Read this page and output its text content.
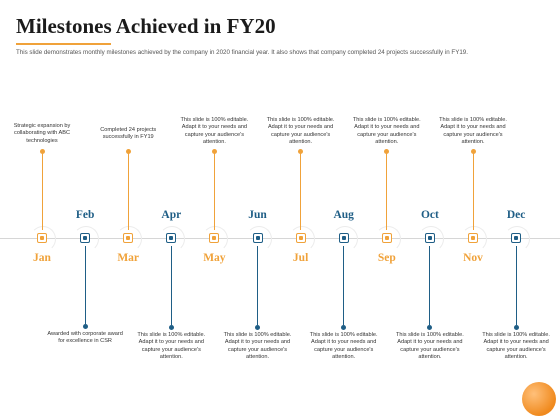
Milestones Achieved in FY20
This slide demonstrates monthly milestones achieved by the company in 2020 financial year. It also shows that company completed 24 projects successfully in FY19.
Jan
Strategic expansion by collaborating with ABC technologies
Feb
Awarded with corporate award for excellence in CSR
Mar
Completed 24 projects successfully in FY19
Apr
This slide is 100% editable. Adapt it to your needs and capture your audience's attention.
May
This slide is 100% editable. Adapt it to your needs and capture your audience's attention.
Jun
This slide is 100% editable. Adapt it to your needs and capture your audience's attention.
Jul
This slide is 100% editable. Adapt it to your needs and capture your audience's attention.
Aug
This slide is 100% editable. Adapt it to your needs and capture your audience's attention.
Sep
This slide is 100% editable. Adapt it to your needs and capture your audience's attention.
Oct
This slide is 100% editable. Adapt it to your needs and capture your audience's attention.
Nov
This slide is 100% editable. Adapt it to your needs and capture your audience's attention.
Dec
This slide is 100% editable. Adapt it to your needs and capture your audience's attention.
